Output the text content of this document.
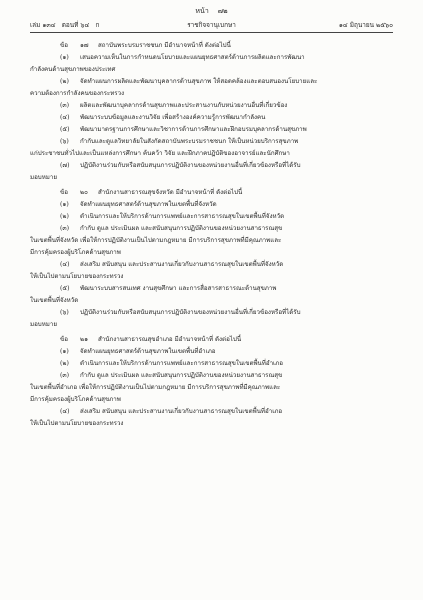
หน้า ๗๒
เล่ม ๑๓๔ ตอนที่ ๖๔ ก	ราชกิจจานุเบกษา	๑๔ มิถุนายน ๒๕๖๐
ข้อ ๑๗ สถาบันพระบรมราชชนก มีอำนาจหน้าที่ ดังต่อไปนี้
(๑) เสนอความเห็นในการกำหนดนโยบายและแผนยุทธศาสตร์ด้านการผลิตและการพัฒนา
กำลังคนด้านสุขภาพของประเทศ
(๒) จัดทำแผนการผลิตและพัฒนาบุคลากรด้านสุขภาพ ให้สอดคล้องและตอบสนองนโยบายและ
ความต้องการกำลังคนของกระทรวง
(๓) ผลิตและพัฒนาบุคลากรด้านสุขภาพและประสานงานกับหน่วยงานอื่นที่เกี่ยวข้อง
(๔) พัฒนาระบบข้อมูลและงานวิจัย เพื่อสร้างองค์ความรู้การพัฒนากำลังคน
(๕) พัฒนามาตรฐานการศึกษาและวิชาการด้านการศึกษาและฝึกอบรมบุคลากรด้านสุขภาพ
(๖) กำกับและดูแลวิทยาลัยในสังกัดสถาบันพระบรมราชชนก ให้เป็นหน่วยบริการสุขภาพ
แก่ประชาชนทั่วไปและเป็นแหล่งการศึกษา ค้นคว้า วิจัย และฝึกภาคปฏิบัติของอาจารย์และนักศึกษา
(๗) ปฏิบัติงานร่วมกับหรือสนับสนุนการปฏิบัติงานของหน่วยงานอื่นที่เกี่ยวข้องหรือที่ได้รับ
มอบหมาย
ข้อ ๒๐ สำนักงานสาธารณสุขจังหวัด มีอำนาจหน้าที่ ดังต่อไปนี้
(๑) จัดทำแผนยุทธศาสตร์ด้านสุขภาพในเขตพื้นที่จังหวัด
(๒) ดำเนินการและให้บริการด้านการแพทย์และการสาธารณสุขในเขตพื้นที่จังหวัด
(๓) กำกับ ดูแล ประเมินผล และสนับสนุนการปฏิบัติงานของหน่วยงานสาธารณสุข
ในเขตพื้นที่จังหวัด เพื่อให้การปฏิบัติงานเป็นไปตามกฎหมาย มีการบริการสุขภาพที่มีคุณภาพและ
มีการคุ้มครองผู้บริโภคด้านสุขภาพ
(๔) ส่งเสริม สนับสนุน และประสานงานเกี่ยวกับงานสาธารณสุขในเขตพื้นที่จังหวัด
ให้เป็นไปตามนโยบายของกระทรวง
(๕) พัฒนาระบบสารสนเทศ งานสุขศึกษา และการสื่อสารสาธารณะด้านสุขภาพ
ในเขตพื้นที่จังหวัด
(๖) ปฏิบัติงานร่วมกับหรือสนับสนุนการปฏิบัติงานของหน่วยงานอื่นที่เกี่ยวข้องหรือที่ได้รับ
มอบหมาย
ข้อ ๒๑ สำนักงานสาธารณสุขอำเภอ มีอำนาจหน้าที่ ดังต่อไปนี้
(๑) จัดทำแผนยุทธศาสตร์ด้านสุขภาพในเขตพื้นที่อำเภอ
(๒) ดำเนินการและให้บริการด้านการแพทย์และการสาธารณสุขในเขตพื้นที่อำเภอ
(๓) กำกับ ดูแล ประเมินผล และสนับสนุนการปฏิบัติงานของหน่วยงานสาธารณสุข
ในเขตพื้นที่อำเภอ เพื่อให้การปฏิบัติงานเป็นไปตามกฎหมาย มีการบริการสุขภาพที่มีคุณภาพและ
มีการคุ้มครองผู้บริโภคด้านสุขภาพ
(๔) ส่งเสริม สนับสนุน และประสานงานเกี่ยวกับงานสาธารณสุขในเขตพื้นที่อำเภอ
ให้เป็นไปตามนโยบายของกระทรวง
